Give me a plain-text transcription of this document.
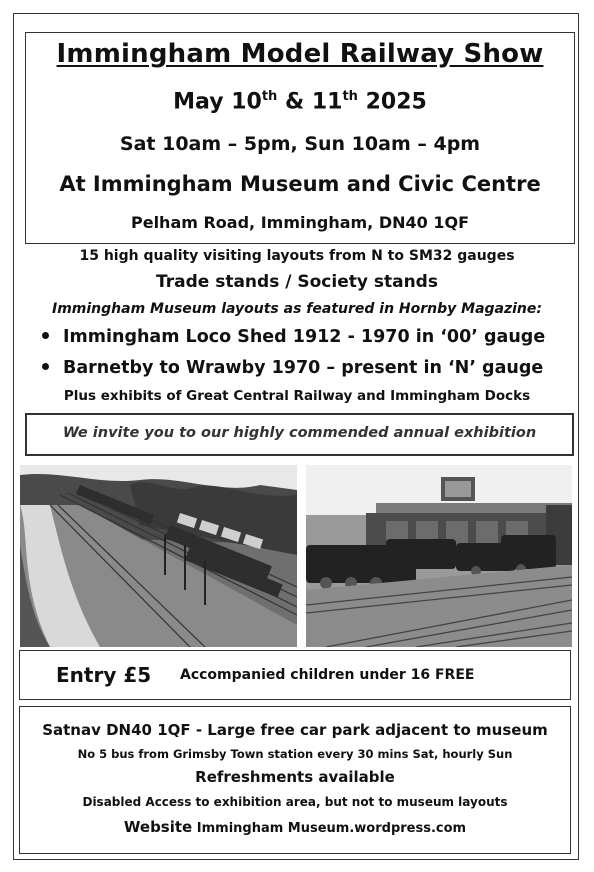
Immingham Model Railway Show
May 10th & 11th 2025
Sat 10am – 5pm, Sun 10am – 4pm
At Immingham Museum and Civic Centre
Pelham Road, Immingham, DN40 1QF
15 high quality visiting layouts from N to SM32 gauges
Trade stands / Society stands
Immingham Museum layouts as featured in Hornby Magazine:
Immingham Loco Shed 1912 - 1970 in ‘00’ gauge
Barnetby to Wrawby 1970 – present in ‘N’ gauge
Plus exhibits of Great Central Railway and Immingham Docks
We invite you to our highly commended annual exhibition
Entry £5 Accompanied children under 16 FREE
Satnav DN40 1QF - Large free car park adjacent to museum
No 5 bus from Grimsby Town station every 30 mins Sat, hourly Sun
Refreshments available
Disabled Access to exhibition area, but not to museum layouts
Website Immingham Museum.wordpress.com
